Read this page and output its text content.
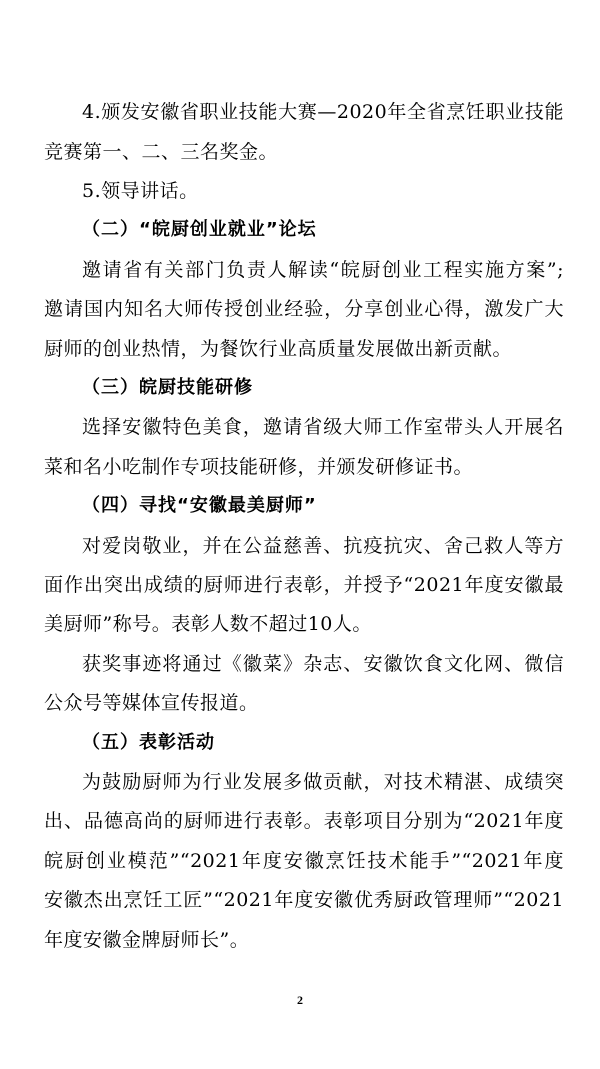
4.颁发安徽省职业技能大赛—2020年全省烹饪职业技能
竞赛第一、二、三名奖金。
5.领导讲话。
（二）“皖厨创业就业”论坛
邀请省有关部门负责人解读“皖厨创业工程实施方案”;
邀请国内知名大师传授创业经验，分享创业心得，激发广大
厨师的创业热情，为餐饮行业高质量发展做出新贡献。
（三）皖厨技能研修
选择安徽特色美食，邀请省级大师工作室带头人开展名
菜和名小吃制作专项技能研修，并颁发研修证书。
（四）寻找“安徽最美厨师”
对爱岗敬业，并在公益慈善、抗疫抗灾、舍己救人等方
面作出突出成绩的厨师进行表彰，并授予“2021年度安徽最
美厨师”称号。表彰人数不超过10人。
获奖事迹将通过《徽菜》杂志、安徽饮食文化网、微信
公众号等媒体宣传报道。
（五）表彰活动
为鼓励厨师为行业发展多做贡献，对技术精湛、成绩突
出、品德高尚的厨师进行表彰。表彰项目分别为“2021年度
皖厨创业模范”“2021年度安徽烹饪技术能手”“2021年度
安徽杰出烹饪工匠”“2021年度安徽优秀厨政管理师”“2021
年度安徽金牌厨师长”。
2
